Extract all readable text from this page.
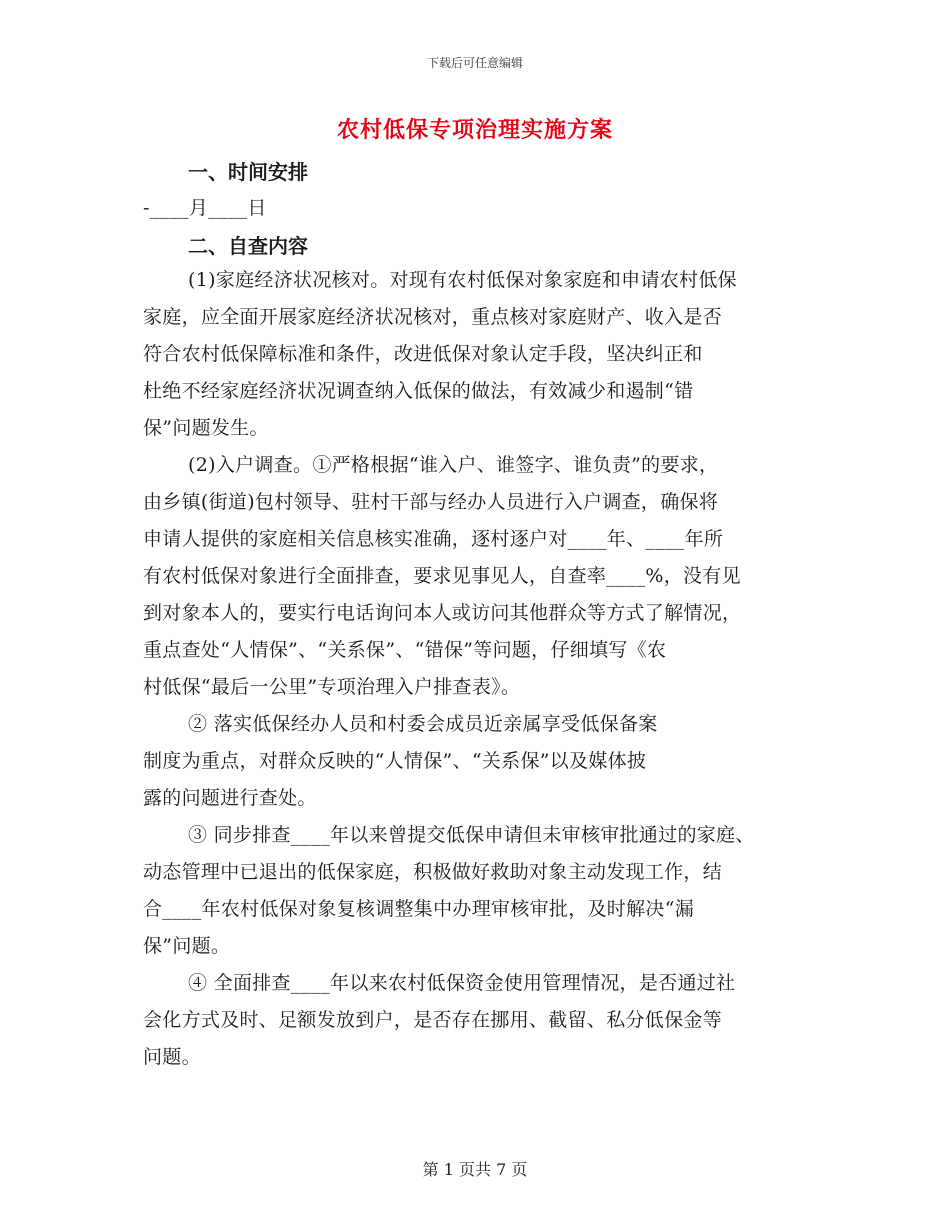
下载后可任意编辑
农村低保专项治理实施方案
一、时间安排
-____月____日
二、自查内容
(1)家庭经济状况核对。对现有农村低保对象家庭和申请农村低保
家庭，应全面开展家庭经济状况核对，重点核对家庭财产、收入是否
符合农村低保障标准和条件，改进低保对象认定手段，坚决纠正和
杜绝不经家庭经济状况调查纳入低保的做法，有效减少和遏制“错
保”问题发生。
(2)入户调查。①严格根据“谁入户、谁签字、谁负责”的要求，
由乡镇(街道)包村领导、驻村干部与经办人员进行入户调查，确保将
申请人提供的家庭相关信息核实准确，逐村逐户对____年、____年所
有农村低保对象进行全面排查，要求见事见人，自查率____%，没有见
到对象本人的，要实行电话询问本人或访问其他群众等方式了解情况，
重点查处“人情保”、“关系保”、“错保”等问题，仔细填写《农
村低保“最后一公里”专项治理入户排查表》。
② 落实低保经办人员和村委会成员近亲属享受低保备案
制度为重点，对群众反映的“人情保”、“关系保”以及媒体披
露的问题进行查处。
③ 同步排查____年以来曾提交低保申请但未审核审批通过的家庭、
动态管理中已退出的低保家庭，积极做好救助对象主动发现工作，结
合____年农村低保对象复核调整集中办理审核审批，及时解决“漏
保”问题。
④ 全面排查____年以来农村低保资金使用管理情况，是否通过社
会化方式及时、足额发放到户，是否存在挪用、截留、私分低保金等
问题。
第 1 页共 7 页
